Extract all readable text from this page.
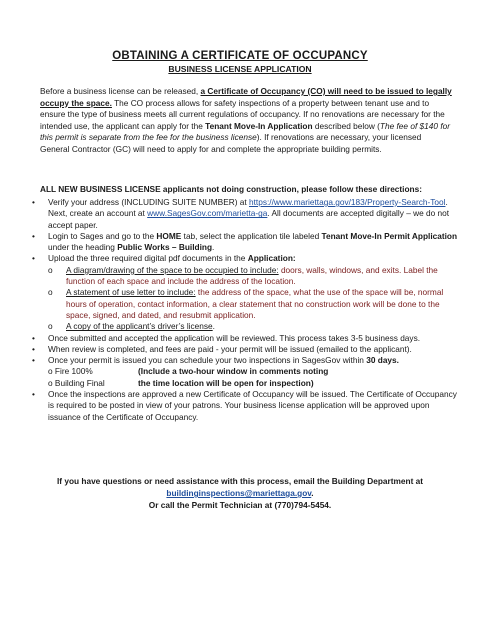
OBTAINING A CERTIFICATE OF OCCUPANCY
BUSINESS LICENSE APPLICATION
Before a business license can be released, a Certificate of Occupancy (CO) will need to be issued to legally occupy the space. The CO process allows for safety inspections of a property between tenant use and to ensure the type of business meets all current regulations of occupancy. If no renovations are necessary for the intended use, the applicant can apply for the Tenant Move-In Application described below (The fee of $140 for this permit is separate from the fee for the business license). If renovations are necessary, your licensed General Contractor (GC) will need to apply for and complete the appropriate building permits.
ALL NEW BUSINESS LICENSE applicants not doing construction, please follow these directions:
• Verify your address (INCLUDING SUITE NUMBER) at https://www.mariettaga.gov/183/Property-Search-Tool. Next, create an account at www.SagesGov.com/marietta-ga. All documents are accepted digitally – we do not accept paper.
• Login to Sages and go to the HOME tab, select the application tile labeled Tenant Move-In Permit Application under the heading Public Works – Building.
• Upload the three required digital pdf documents in the Application:
o A diagram/drawing of the space to be occupied to include: doors, walls, windows, and exits. Label the function of each space and include the address of the location.
o A statement of use letter to include: the address of the space, what the use of the space will be, normal hours of operation, contact information, a clear statement that no construction work will be done to the space, signed, and dated, and resubmit application.
o A copy of the applicant’s driver’s license.
• Once submitted and accepted the application will be reviewed. This process takes 3-5 business days.
• When review is completed, and fees are paid - your permit will be issued (emailed to the applicant).
• Once your permit is issued you can schedule your two inspections in SagesGov within 30 days.
o Fire 100%	(Include a two-hour window in comments noting
o Building Final	the time location will be open for inspection)
• Once the inspections are approved a new Certificate of Occupancy will be issued. The Certificate of Occupancy is required to be posted in view of your patrons. Your business license application will be approved upon issuance of the Certificate of Occupancy.
If you have questions or need assistance with this process, email the Building Department at
buildinginspections@mariettaga.gov.
Or call the Permit Technician at (770)794-5454.
